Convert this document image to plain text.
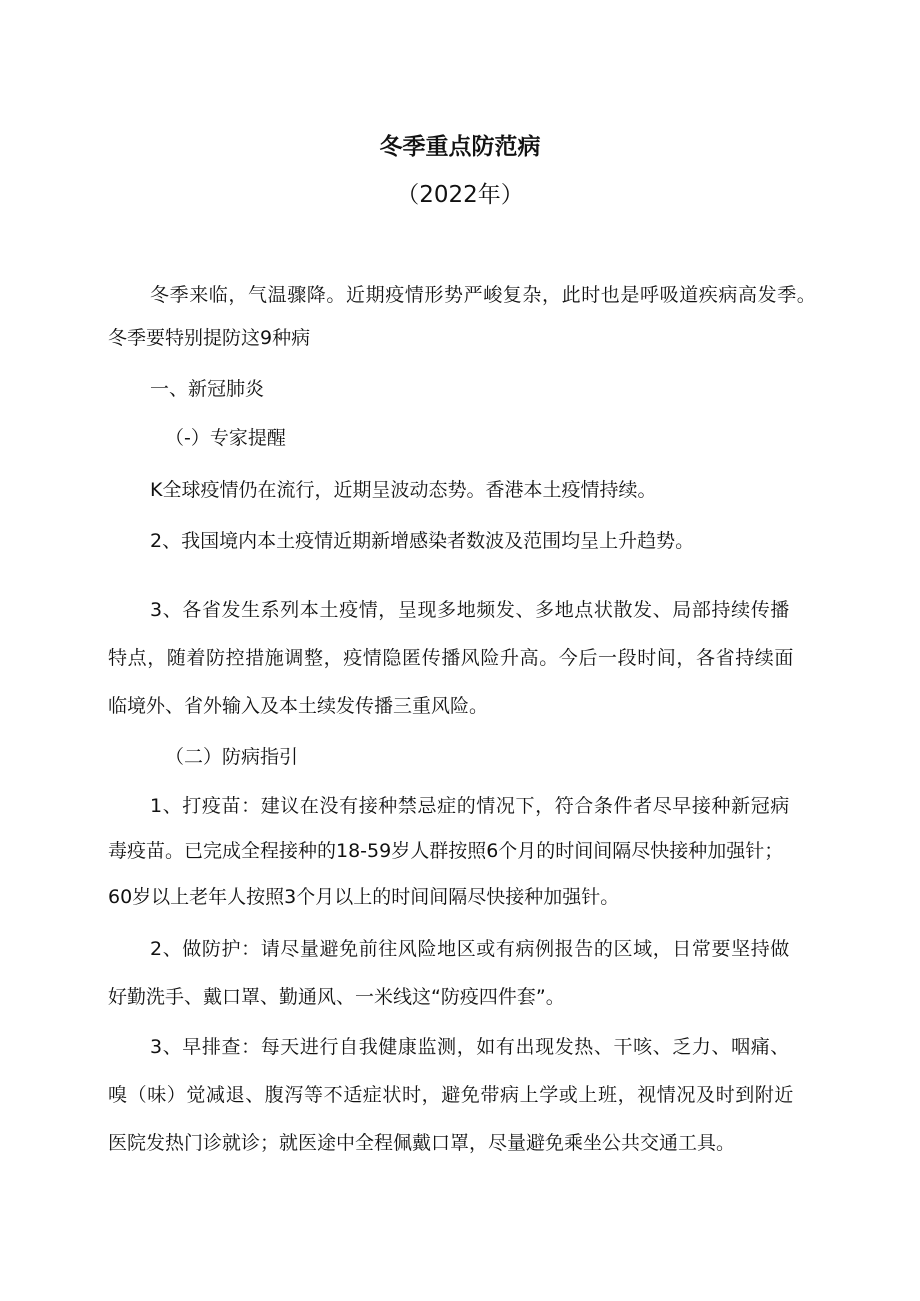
冬季重点防范病
（2022年）

冬季来临，气温骤降。近期疫情形势严峻复杂，此时也是呼吸道疾病高发季。

冬季要特别提防这9种病

一、新冠肺炎

（-）专家提醒

K全球疫情仍在流行，近期呈波动态势。香港本土疫情持续。

2、我国境内本土疫情近期新增感染者数波及范围均呈上升趋势。

3、各省发生系列本土疫情，呈现多地频发、多地点状散发、局部持续传播

特点，随着防控措施调整，疫情隐匿传播风险升高。今后一段时间，各省持续面

临境外、省外输入及本土续发传播三重风险。

（二）防病指引

1、打疫苗：建议在没有接种禁忌症的情况下，符合条件者尽早接种新冠病

毒疫苗。已完成全程接种的18-59岁人群按照6个月的时间间隔尽快接种加强针；

60岁以上老年人按照3个月以上的时间间隔尽快接种加强针。

2、做防护：请尽量避免前往风险地区或有病例报告的区域，日常要坚持做

好勤洗手、戴口罩、勤通风、一米线这“防疫四件套”。

3、早排查：每天进行自我健康监测，如有出现发热、干咳、乏力、咽痛、

嗅（味）觉减退、腹泻等不适症状时，避免带病上学或上班，视情况及时到附近

医院发热门诊就诊；就医途中全程佩戴口罩，尽量避免乘坐公共交通工具。
